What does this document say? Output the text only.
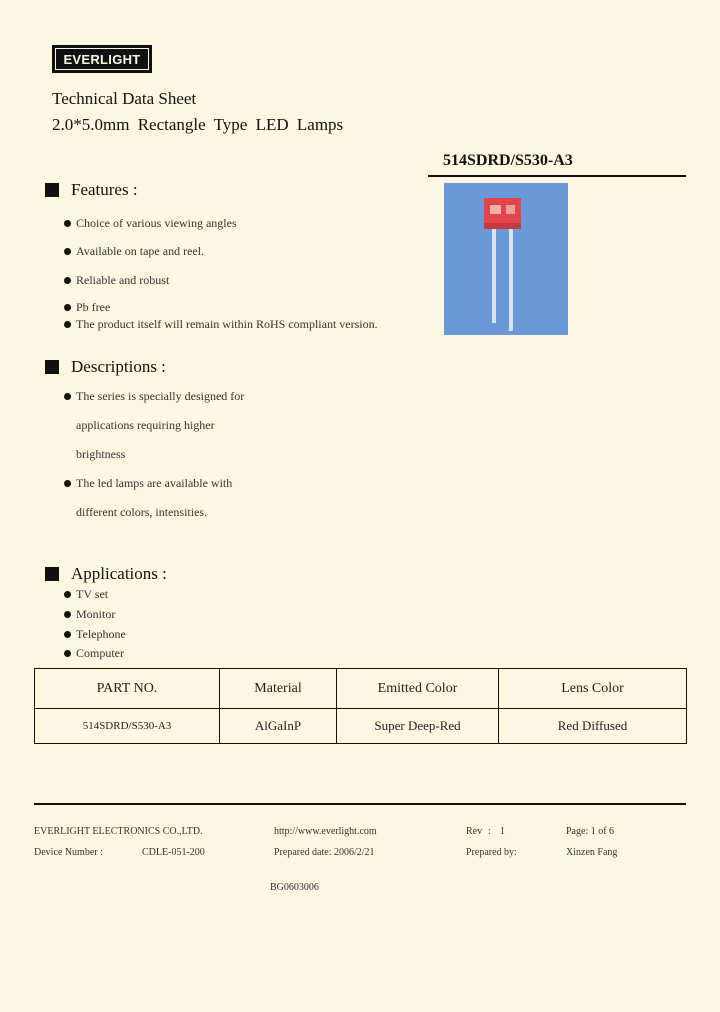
EVERLIGHT
Technical Data Sheet
2.0*5.0mm Rectangle Type LED Lamps
514SDRD/S530-A3
Features :
Choice of various viewing angles
Available on tape and reel.
Reliable and robust
Pb free
The product itself will remain within RoHS compliant version.
Descriptions :
The series is specially designed for
applications requiring higher
brightness
The led lamps are available with
different colors, intensities.
Applications :
TV set
Monitor
Telephone
Computer
PART NO.	Material	Emitted Color	Lens Color
514SDRD/S530-A3	AlGaInP	Super Deep-Red	Red Diffused
EVERLIGHT ELECTRONICS CO.,LTD.	http://www.everlight.com	Rev : 1	Page: 1 of 6
Device Number :	CDLE-051-200	Prepared date: 2006/2/21	Prepared by:	Xinzen Fang
BG0603006
